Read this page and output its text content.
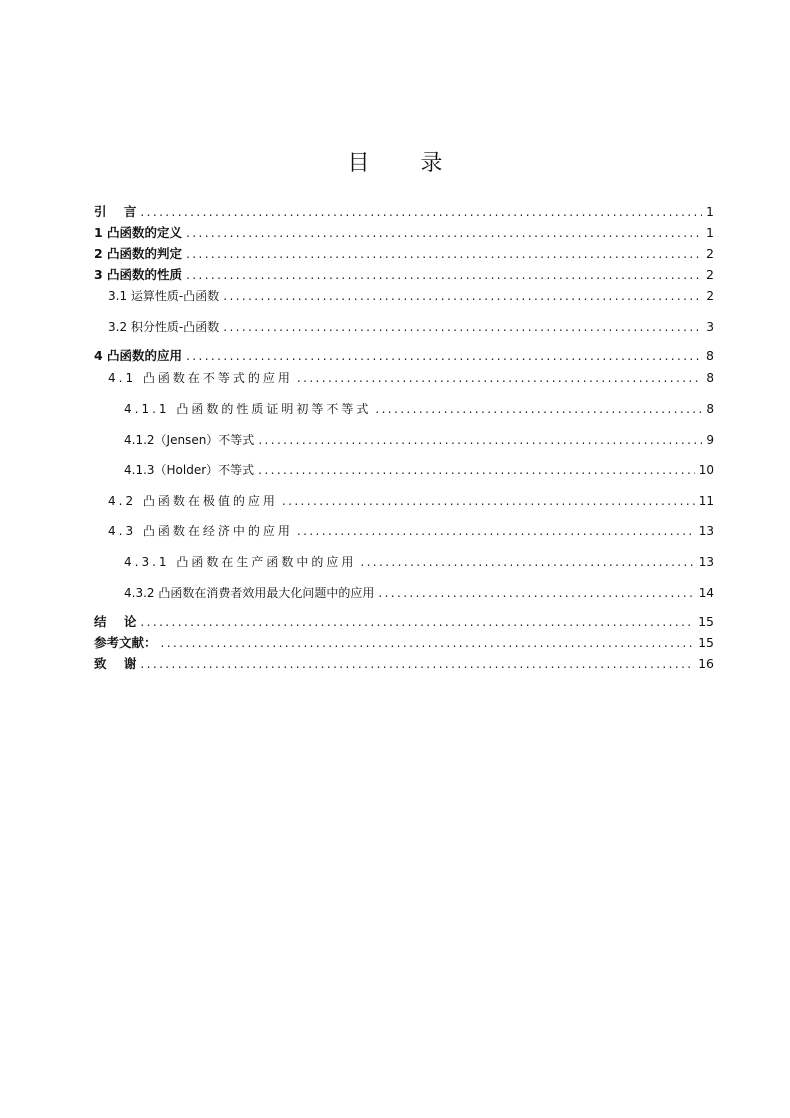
目 录
引    言 .....	1
1 凸函数的定义 .....	1
2 凸函数的判定 .....	2
3 凸函数的性质 .....	2
3.1 运算性质-凸函数 .....	2
3.2 积分性质-凸函数 .....	3
4 凸函数的应用 .....	8
4.1 凸函数在不等式的应用 .....	8
4.1.1 凸函数的性质证明初等不等式 .....	8
4.1.2（Jensen）不等式 .....	9
4.1.3（Holder）不等式 .....	10
4.2 凸函数在极值的应用 .....	11
4.3 凸函数在经济中的应用 .....	13
4.3.1 凸函数在生产函数中的应用 .....	13
4.3.2 凸函数在消费者效用最大化问题中的应用 .....	14
结    论 .....	15
参考文献： .....	15
致    谢 .....	16
